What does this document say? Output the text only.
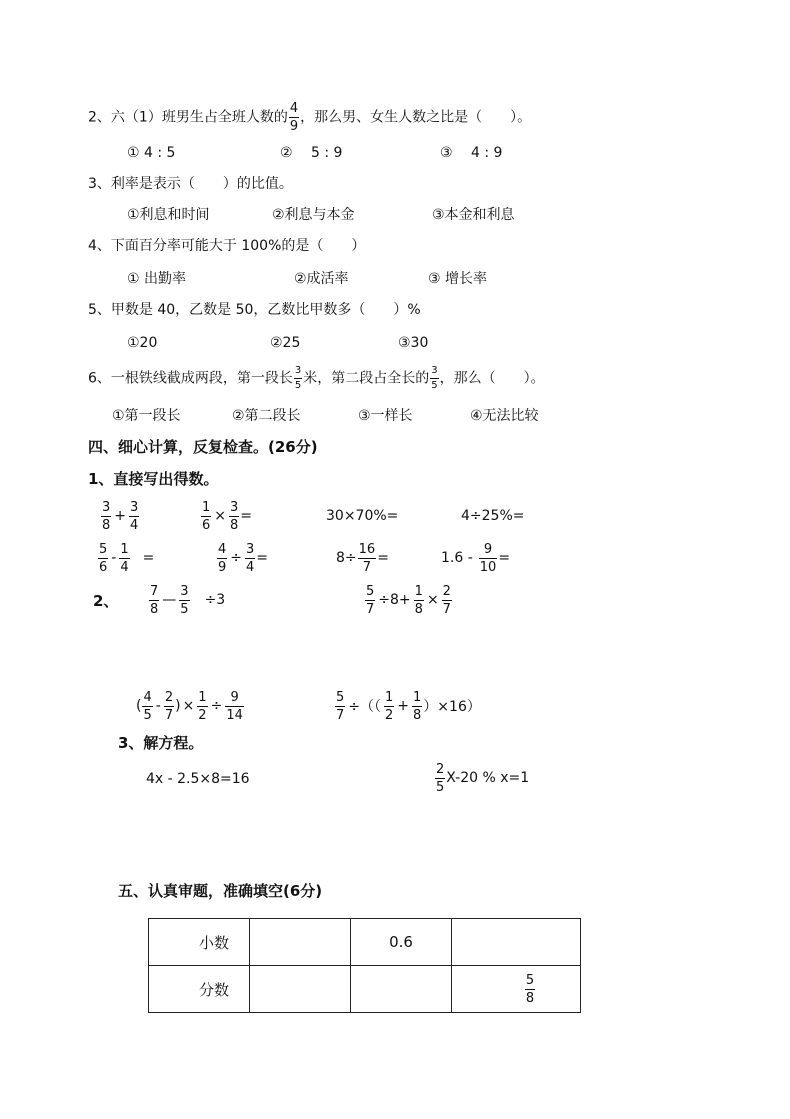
2、六（1）班男生占全班人数的 $\frac{4}{9}$ ，那么男、女生人数之比是（　　）。
① 4 : 5	② 　5 : 9	③　 4 : 9
3、利率是表示（　　）的比值。
①利息和时间	②利息与本金	③本金和利息
4、下面百分率可能大于 100%的是（　　）
① 出勤率	②成活率	③ 增长率
5、甲数是 40，乙数是 50，乙数比甲数多（　　）%
①20	②25	③30
6、一根铁线截成两段，第一段长 $\frac{3}{5}$ 米，第二段占全长的 $\frac{3}{5}$ ，那么（　　）。
①第一段长	②第二段长	③一样长	④无法比较
四、细心计算，反复检查。(26分)
1、直接写出得数。
$\frac{3}{8} + \frac{3}{4}$	$\frac{1}{6} \times \frac{3}{8}$ =	30×70%=	4÷25%=
$\frac{5}{6} - \frac{1}{4}$ =	$\frac{4}{9} \div \frac{3}{4}$ =	$8\div \frac{16}{7}$ =	$1.6 - \frac{9}{10}$ =
2、 $\frac{7}{8}$ — $\frac{3}{5} \div 3$	$\frac{5}{7} \div 8+ \frac{1}{8} \times \frac{2}{7}$
( $\frac{4}{5} - \frac{2}{7}$ ) × $\frac{1}{2} \div \frac{9}{14}$	$\frac{5}{7}$ ÷（（ $\frac{1}{2} + \frac{1}{8} )\times 16$）
3、解方程。
4x - 2.5×8=16	$\frac{2}{5} X-20$ % x=1
五、认真审题，准确填空(6分)
小数		0.6	
分数			$\frac{5}{8}$
